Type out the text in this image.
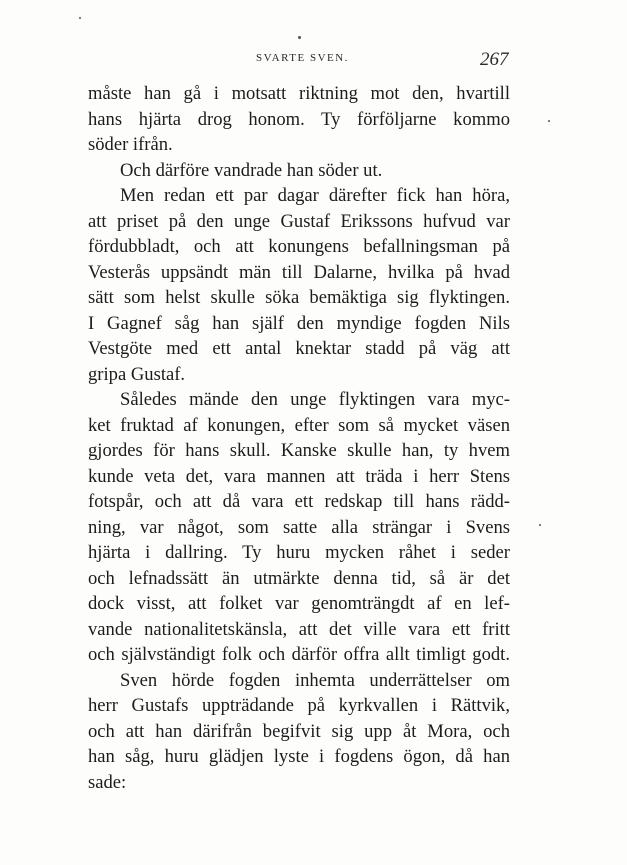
SVARTE SVEN.	267
måste han gå i motsatt riktning mot den, hvartill
hans hjärta drog honom. Ty förföljarne kommo
söder ifrån.
Och därföre vandrade han söder ut.
Men redan ett par dagar därefter fick han höra,
att priset på den unge Gustaf Erikssons hufvud var
fördubbladt, och att konungens befallningsman på
Vesterås uppsändt män till Dalarne, hvilka på hvad
sätt som helst skulle söka bemäktiga sig flyktingen.
I Gagnef såg han själf den myndige fogden Nils
Vestgöte med ett antal knektar stadd på väg att
gripa Gustaf.
Således mände den unge flyktingen vara myc-
ket fruktad af konungen, efter som så mycket väsen
gjordes för hans skull. Kanske skulle han, ty hvem
kunde veta det, vara mannen att träda i herr Stens
fotspår, och att då vara ett redskap till hans rädd-
ning, var något, som satte alla strängar i Svens
hjärta i dallring. Ty huru mycken råhet i seder
och lefnadssätt än utmärkte denna tid, så är det
dock visst, att folket var genomträngdt af en lef-
vande nationalitetskänsla, att det ville vara ett fritt
och självständigt folk och därför offra allt timligt godt.
Sven hörde fogden inhemta underrättelser om
herr Gustafs uppträdande på kyrkvallen i Rättvik,
och att han därifrån begifvit sig upp åt Mora, och
han såg, huru glädjen lyste i fogdens ögon, då han
sade:
